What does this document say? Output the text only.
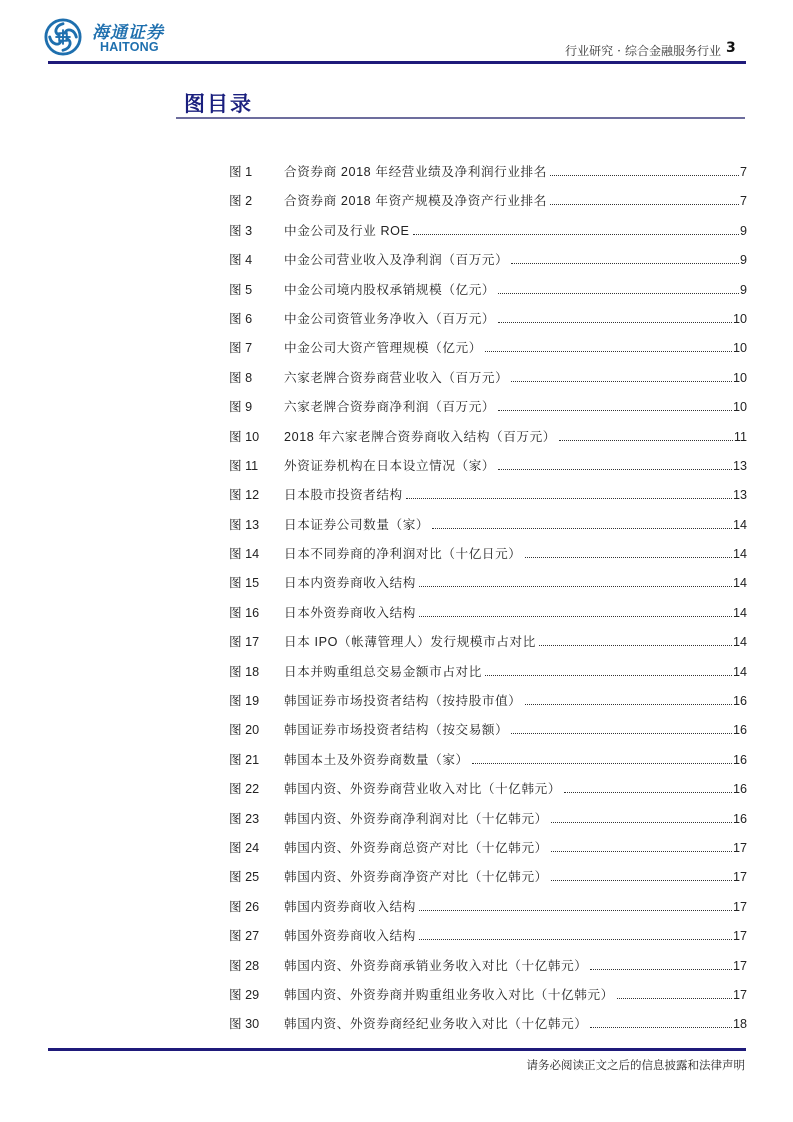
海通证券
HAITONG	行业研究 · 综合金融服务行业 3
图目录
图 1	合资券商 2018 年经营业绩及净利润行业排名	7
图 2	合资券商 2018 年资产规模及净资产行业排名	7
图 3	中金公司及行业 ROE	9
图 4	中金公司营业收入及净利润（百万元）	9
图 5	中金公司境内股权承销规模（亿元）	9
图 6	中金公司资管业务净收入（百万元）	10
图 7	中金公司大资产管理规模（亿元）	10
图 8	六家老牌合资券商营业收入（百万元）	10
图 9	六家老牌合资券商净利润（百万元）	10
图 10	2018 年六家老牌合资券商收入结构（百万元）	11
图 11	外资证券机构在日本设立情况（家）	13
图 12	日本股市投资者结构	13
图 13	日本证券公司数量（家）	14
图 14	日本不同券商的净利润对比（十亿日元）	14
图 15	日本内资券商收入结构	14
图 16	日本外资券商收入结构	14
图 17	日本 IPO（帐薄管理人）发行规模市占对比	14
图 18	日本并购重组总交易金额市占对比	14
图 19	韩国证券市场投资者结构（按持股市值）	16
图 20	韩国证券市场投资者结构（按交易额）	16
图 21	韩国本土及外资券商数量（家）	16
图 22	韩国内资、外资券商营业收入对比（十亿韩元）	16
图 23	韩国内资、外资券商净利润对比（十亿韩元）	16
图 24	韩国内资、外资券商总资产对比（十亿韩元）	17
图 25	韩国内资、外资券商净资产对比（十亿韩元）	17
图 26	韩国内资券商收入结构	17
图 27	韩国外资券商收入结构	17
图 28	韩国内资、外资券商承销业务收入对比（十亿韩元）	17
图 29	韩国内资、外资券商并购重组业务收入对比（十亿韩元）	17
图 30	韩国内资、外资券商经纪业务收入对比（十亿韩元）	18
请务必阅读正文之后的信息披露和法律声明
